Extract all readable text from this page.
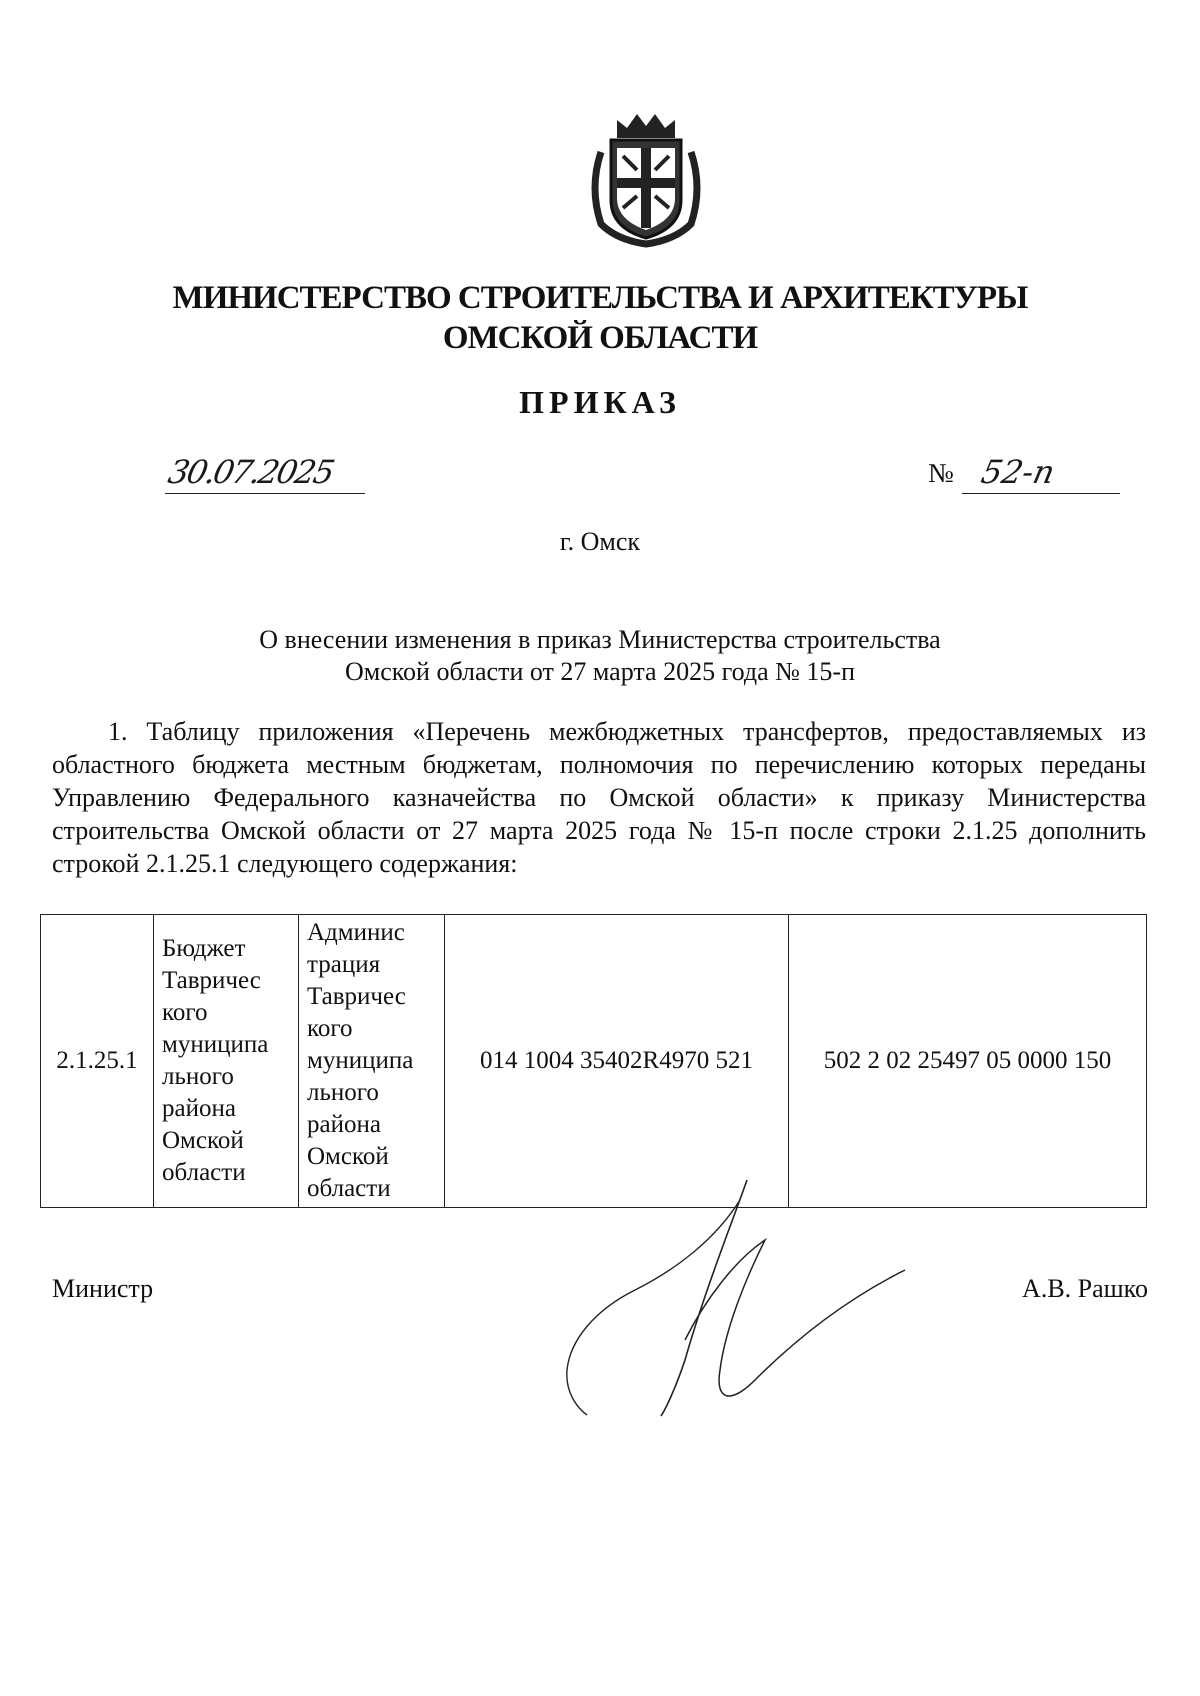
МИНИСТЕРСТВО СТРОИТЕЛЬСТВА И АРХИТЕКТУРЫ
ОМСКОЙ ОБЛАСТИ
ПРИКАЗ
30.07.2025	№ 52-п
г. Омск
О внесении изменения в приказ Министерства строительства
Омской области от 27 марта 2025 года № 15-п
1. Таблицу приложения «Перечень межбюджетных трансфертов, предоставляемых из областного бюджета местным бюджетам, полномочия по перечислению которых переданы Управлению Федерального казначейства по Омской области» к приказу Министерства строительства Омской области от 27 марта 2025 года № 15-п после строки 2.1.25 дополнить строкой 2.1.25.1 следующего содержания:
2.1.25.1	Бюджет Тавричес кого муниципа льного района Омской области	Админис трация Тавричес кого муниципа льного района Омской области	014 1004 35402R4970 521	502 2 02 25497 05 0000 150
Министр	А.В. Рашко
